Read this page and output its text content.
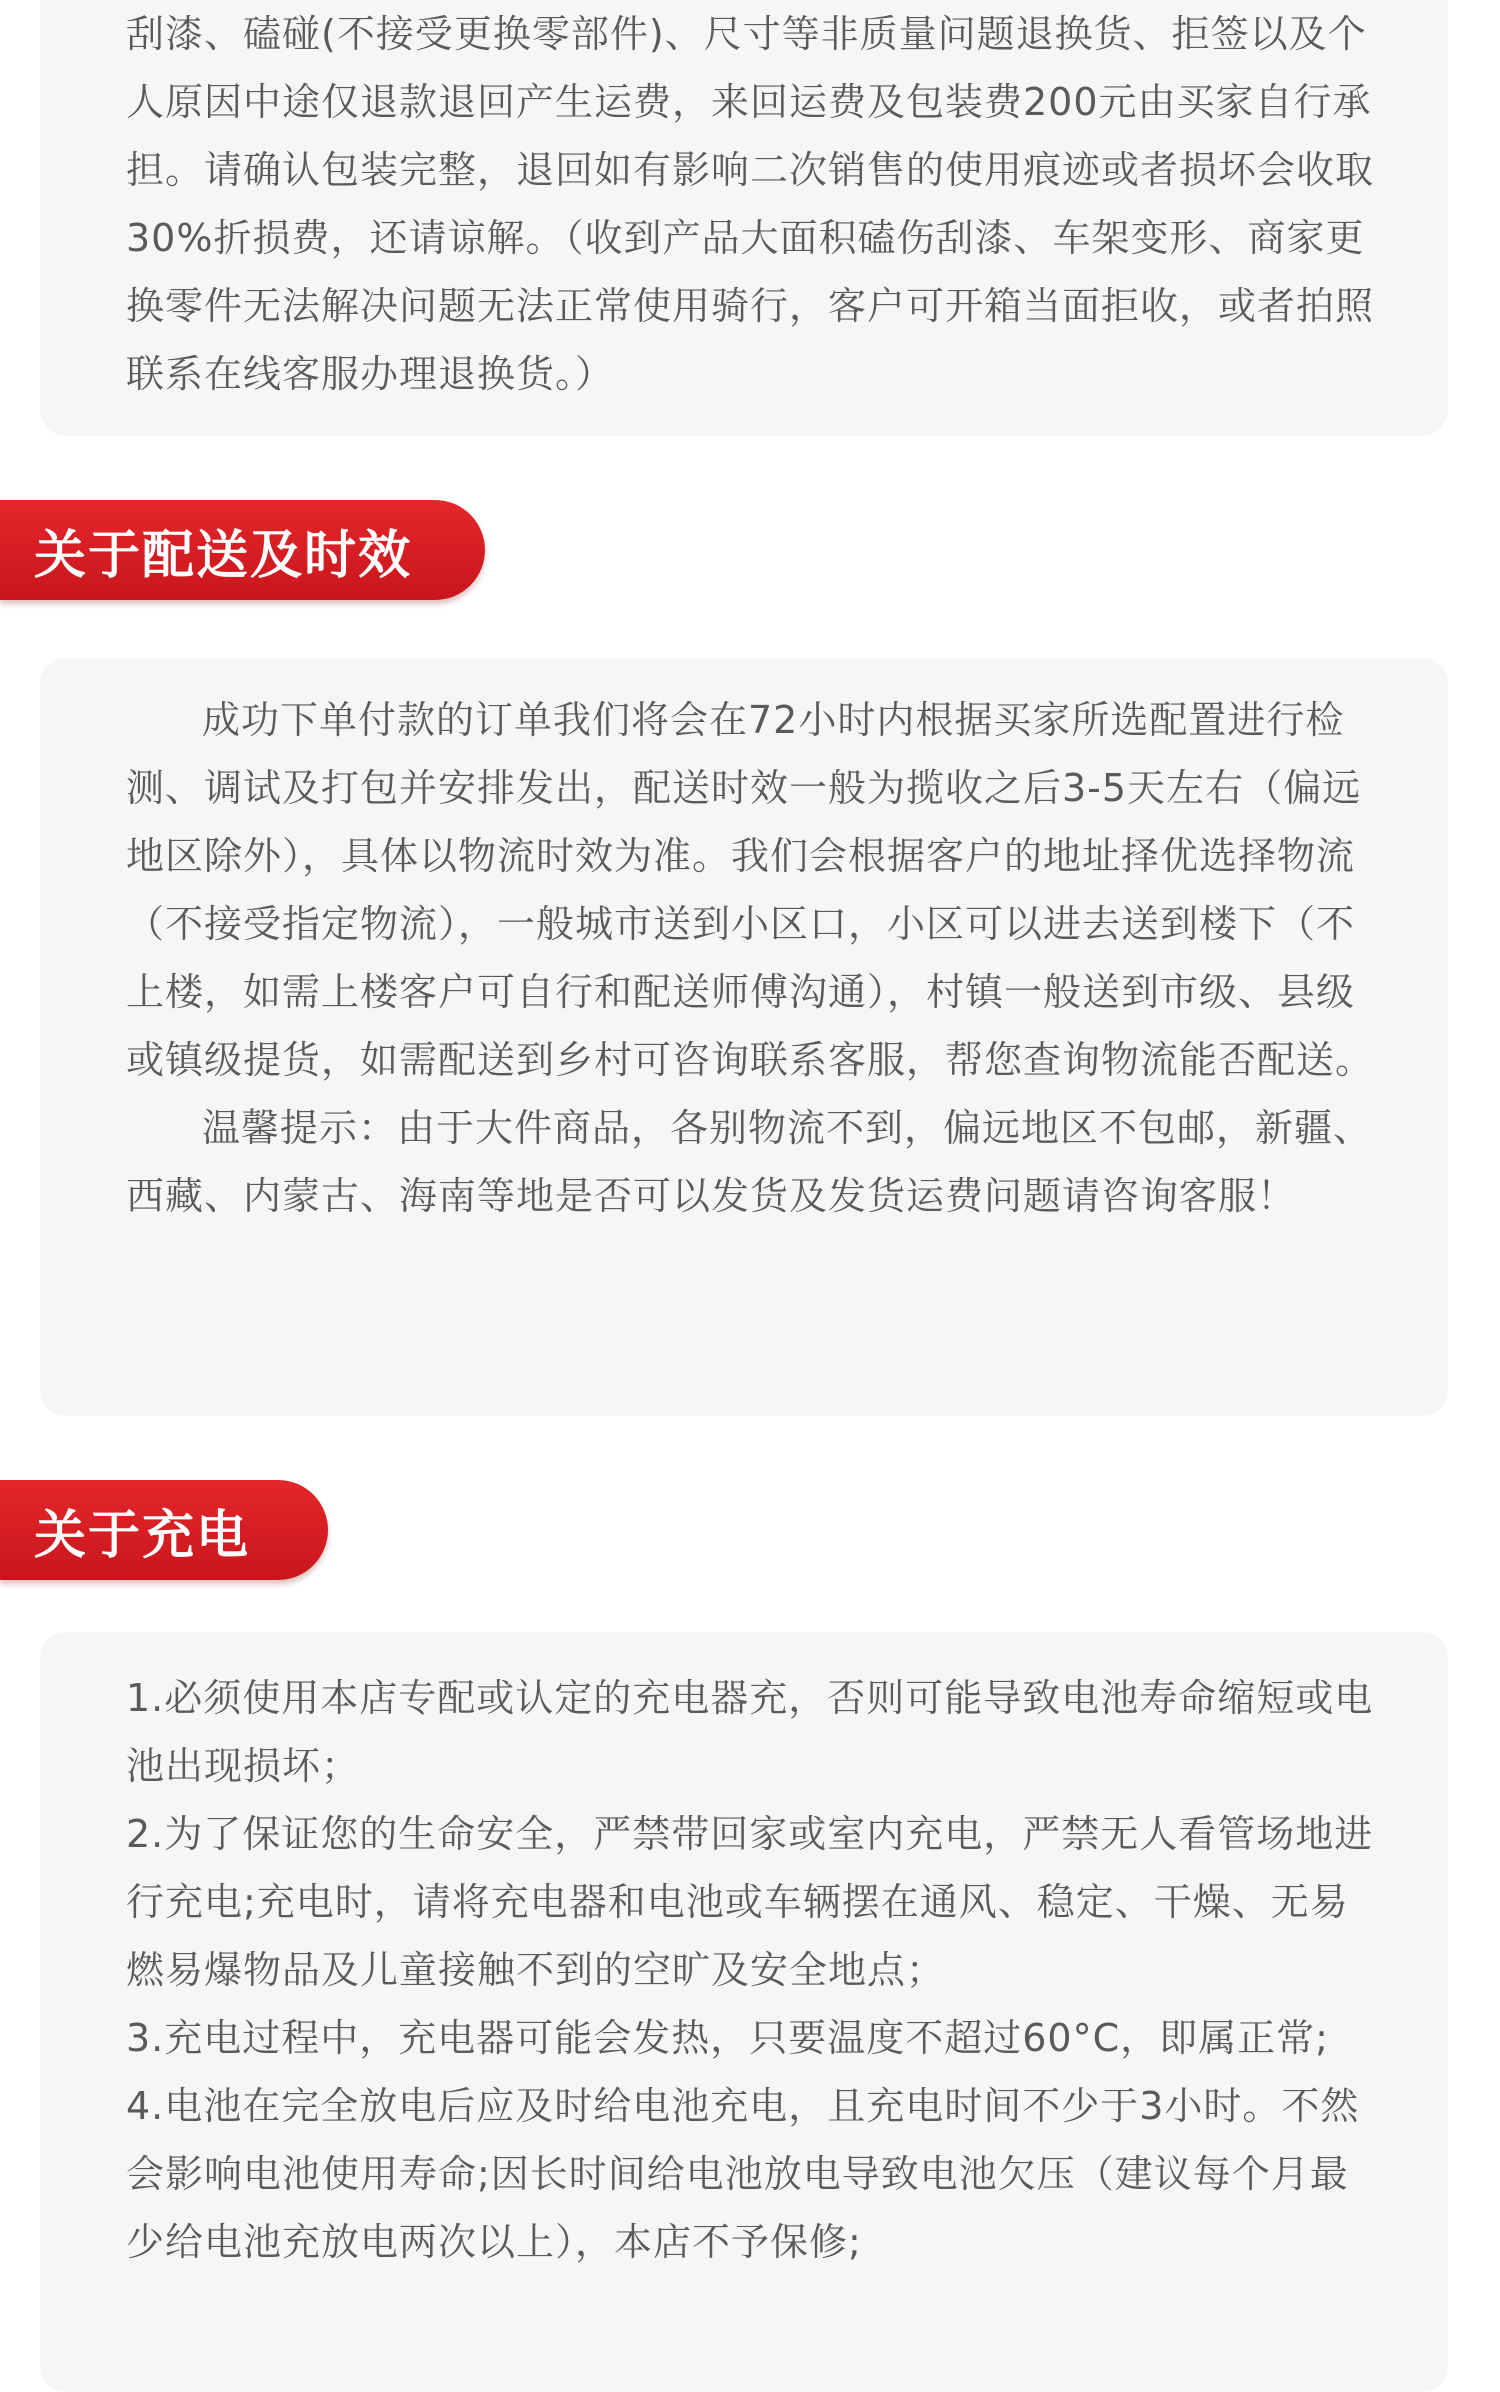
刮漆、磕碰(不接受更换零部件)、尺寸等非质量问题退换货、拒签以及个人原因中途仅退款退回产生运费，来回运费及包装费200元由买家自行承担。请确认包装完整，退回如有影响二次销售的使用痕迹或者损坏会收取30%折损费，还请谅解。（收到产品大面积磕伤刮漆、车架变形、商家更换零件无法解决问题无法正常使用骑行，客户可开箱当面拒收，或者拍照联系在线客服办理退换货。）

关于配送及时效

成功下单付款的订单我们将会在72小时内根据买家所选配置进行检测、调试及打包并安排发出，配送时效一般为揽收之后3-5天左右（偏远地区除外），具体以物流时效为准。我们会根据客户的地址择优选择物流（不接受指定物流），一般城市送到小区口，小区可以进去送到楼下（不上楼，如需上楼客户可自行和配送师傅沟通），村镇一般送到市级、县级或镇级提货，如需配送到乡村可咨询联系客服，帮您查询物流能否配送。

温馨提示：由于大件商品，各别物流不到，偏远地区不包邮，新疆、西藏、内蒙古、海南等地是否可以发货及发货运费问题请咨询客服！

关于充电

1.必须使用本店专配或认定的充电器充，否则可能导致电池寿命缩短或电池出现损坏；

2.为了保证您的生命安全，严禁带回家或室内充电，严禁无人看管场地进行充电;充电时，请将充电器和电池或车辆摆在通风、稳定、干燥、无易燃易爆物品及儿童接触不到的空旷及安全地点；

3.充电过程中，充电器可能会发热，只要温度不超过60°C，即属正常;

4.电池在完全放电后应及时给电池充电，且充电时间不少于3小时。不然会影响电池使用寿命;因长时间给电池放电导致电池欠压（建议每个月最少给电池充放电两次以上），本店不予保修;
